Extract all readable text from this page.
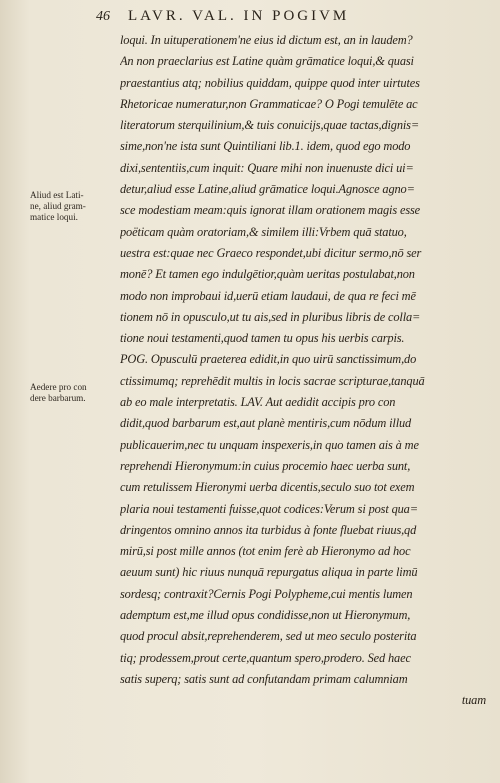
46 LAVR. VAL. IN POGIVM
Aliud est Lati-
ne, aliud gram-
matice loqui.
Aedere pro con
dere barbarum.
loqui. In uituperationem'ne eius id dictum est, an in laudem?
An non praeclarius est Latine quàm grāmatice loqui,& quasi
praestantius atq; nobilius quiddam, quippe quod inter uirtutes
Rhetoricae numeratur,non Grammaticae? O Pogi temulēte ac
literatorum sterquilinium,& tuis conuicijs,quae tactas,dignis=
sime,non'ne ista sunt Quintiliani lib.1. idem, quod ego modo
dixi,sententiis,cum inquit: Quare mihi non inuenuste dici ui=
detur,aliud esse Latine,aliud grāmatice loqui.Agnosce agno=
sce modestiam meam:quis ignorat illam orationem magis esse
poëticam quàm oratoriam,& similem illi:Vrbem quā statuo,
uestra est:quae nec Graeco respondet,ubi dicitur sermo,nō ser
monē? Et tamen ego indulgētior,quàm ueritas postulabat,non
modo non improbaui id,uerū etiam laudaui, de qua re feci mē
tionem nō in opusculo,ut tu ais,sed in pluribus libris de colla=
tione noui testamenti,quod tamen tu opus his uerbis carpis.
POG. Opusculū praeterea edidit,in quo uirū sanctissimum,do
ctissimumq; reprehēdit multis in locis sacrae scripturae,tanquā
ab eo male interpretatis. LAV. Aut aedidit accipis pro con
didit,quod barbarum est,aut planè mentiris,cum nōdum illud
publicauerim,nec tu unquam inspexeris,in quo tamen ais à me
reprehendi Hieronymum:in cuius procemio haec uerba sunt,
cum retulissem Hieronymi uerba dicentis,seculo suo tot exem
plaria noui testamenti fuisse,quot codices:Verum si post qua=
dringentos omnino annos ita turbidus à fonte fluebat riuus,qd
mirū,si post mille annos (tot enim ferè ab Hieronymo ad hoc
aeuum sunt) hic riuus nunquā repurgatus aliqua in parte limū
sordesq; contraxit?Cernis Pogi Polypheme,cui mentis lumen
ademptum est,me illud opus condidisse,non ut Hieronymum,
quod procul absit,reprehenderem, sed ut meo seculo posterita
tiq; prodessem,prout certe,quantum spero,prodero. Sed haec
satis superq; satis sunt ad confutandam primam calumniam
tuam
